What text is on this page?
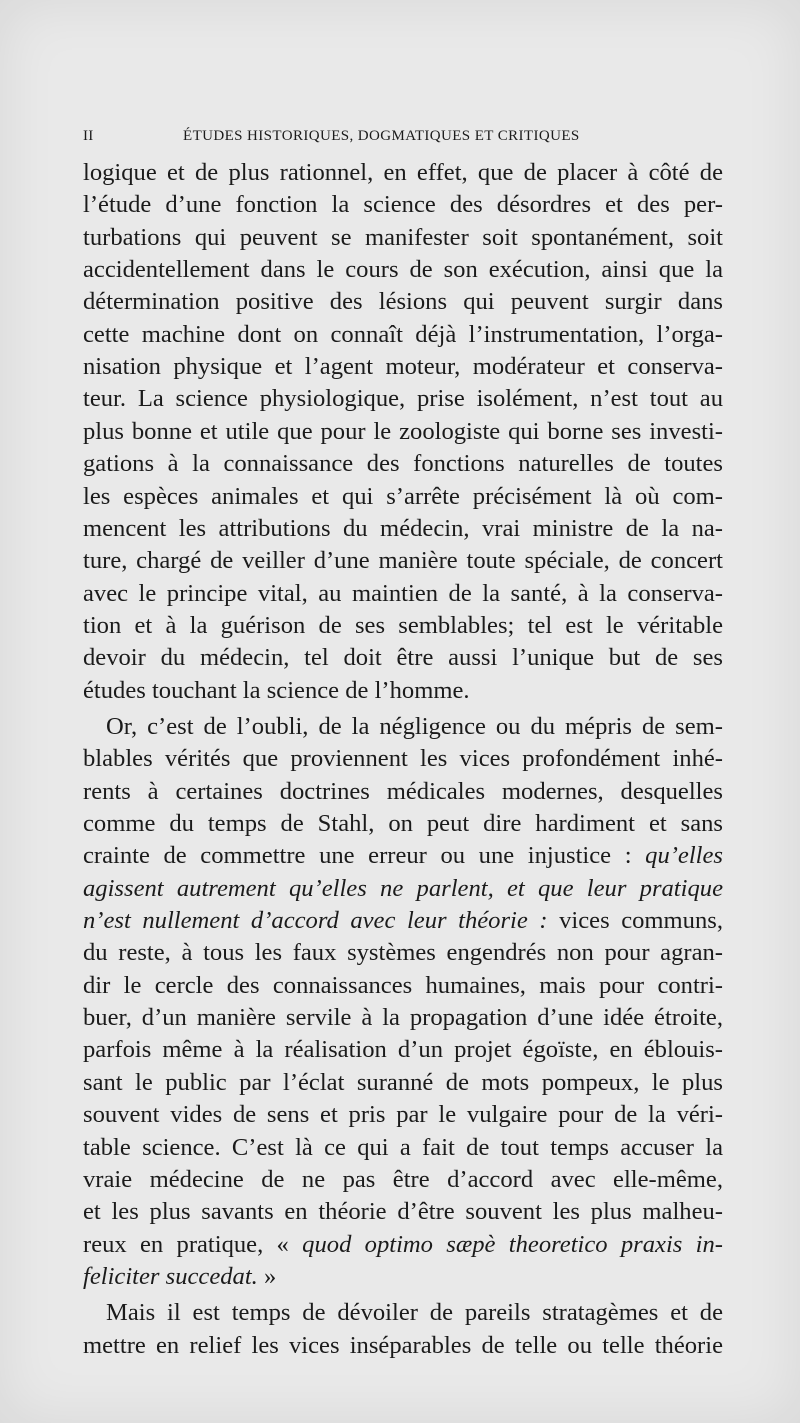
II	ÉTUDES HISTORIQUES, DOGMATIQUES ET CRITIQUES
logique et de plus rationnel, en effet, que de placer à côté de
l’étude d’une fonction la science des désordres et des per-
turbations qui peuvent se manifester soit spontanément, soit
accidentellement dans le cours de son exécution, ainsi que la
détermination positive des lésions qui peuvent surgir dans
cette machine dont on connaît déjà l’instrumentation, l’orga-
nisation physique et l’agent moteur, modérateur et conserva-
teur. La science physiologique, prise isolément, n’est tout au
plus bonne et utile que pour le zoologiste qui borne ses investi-
gations à la connaissance des fonctions naturelles de toutes
les espèces animales et qui s’arrête précisément là où com-
mencent les attributions du médecin, vrai ministre de la na-
ture, chargé de veiller d’une manière toute spéciale, de concert
avec le principe vital, au maintien de la santé, à la conserva-
tion et à la guérison de ses semblables; tel est le véritable
devoir du médecin, tel doit être aussi l’unique but de ses
études touchant la science de l’homme.
Or, c’est de l’oubli, de la négligence ou du mépris de sem-
blables vérités que proviennent les vices profondément inhé-
rents à certaines doctrines médicales modernes, desquelles
comme du temps de Stahl, on peut dire hardiment et sans
crainte de commettre une erreur ou une injustice : qu’elles
agissent autrement qu’elles ne parlent, et que leur pratique
n’est nullement d’accord avec leur théorie : vices communs,
du reste, à tous les faux systèmes engendrés non pour agran-
dir le cercle des connaissances humaines, mais pour contri-
buer, d’un manière servile à la propagation d’une idée étroite,
parfois même à la réalisation d’un projet égoïste, en éblouis-
sant le public par l’éclat suranné de mots pompeux, le plus
souvent vides de sens et pris par le vulgaire pour de la véri-
table science. C’est là ce qui a fait de tout temps accuser la
vraie médecine de ne pas être d’accord avec elle-même,
et les plus savants en théorie d’être souvent les plus malheu-
reux en pratique, « quod optimo sæpè theoretico praxis in-
feliciter succedat. »
Mais il est temps de dévoiler de pareils stratagèmes et de
mettre en relief les vices inséparables de telle ou telle théorie
